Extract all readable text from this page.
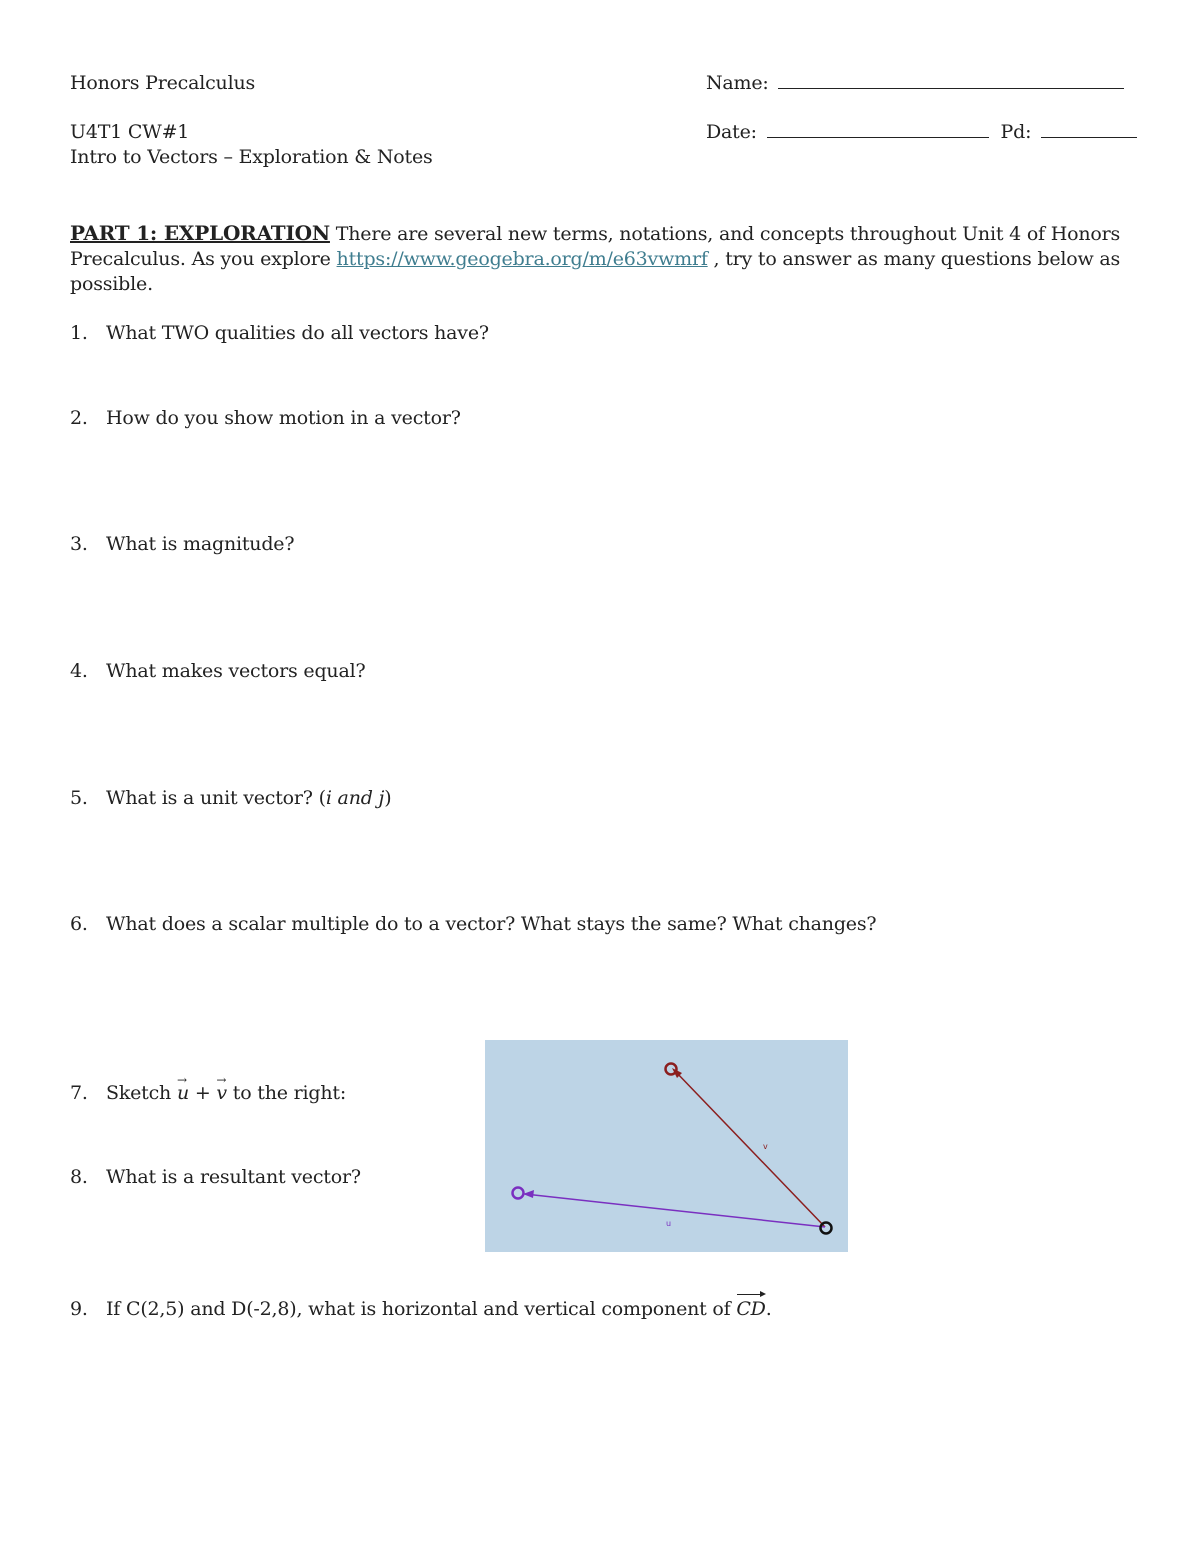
Honors Precalculus	Name:
U4T1 CW#1	Date:	Pd:
Intro to Vectors – Exploration & Notes
PART 1: EXPLORATION There are several new terms, notations, and concepts throughout Unit 4 of Honors Precalculus. As you explore https://www.geogebra.org/m/e63vwmrf , try to answer as many questions below as possible.
1. What TWO qualities do all vectors have?
2. How do you show motion in a vector?
3. What is magnitude?
4. What makes vectors equal?
5. What is a unit vector? (i and j)
6. What does a scalar multiple do to a vector? What stays the same? What changes?
7. Sketch → u + → v to the right:
8. What is a resultant vector?
9. If C(2,5) and D(-2,8), what is horizontal and vertical component of CD.
v
u
